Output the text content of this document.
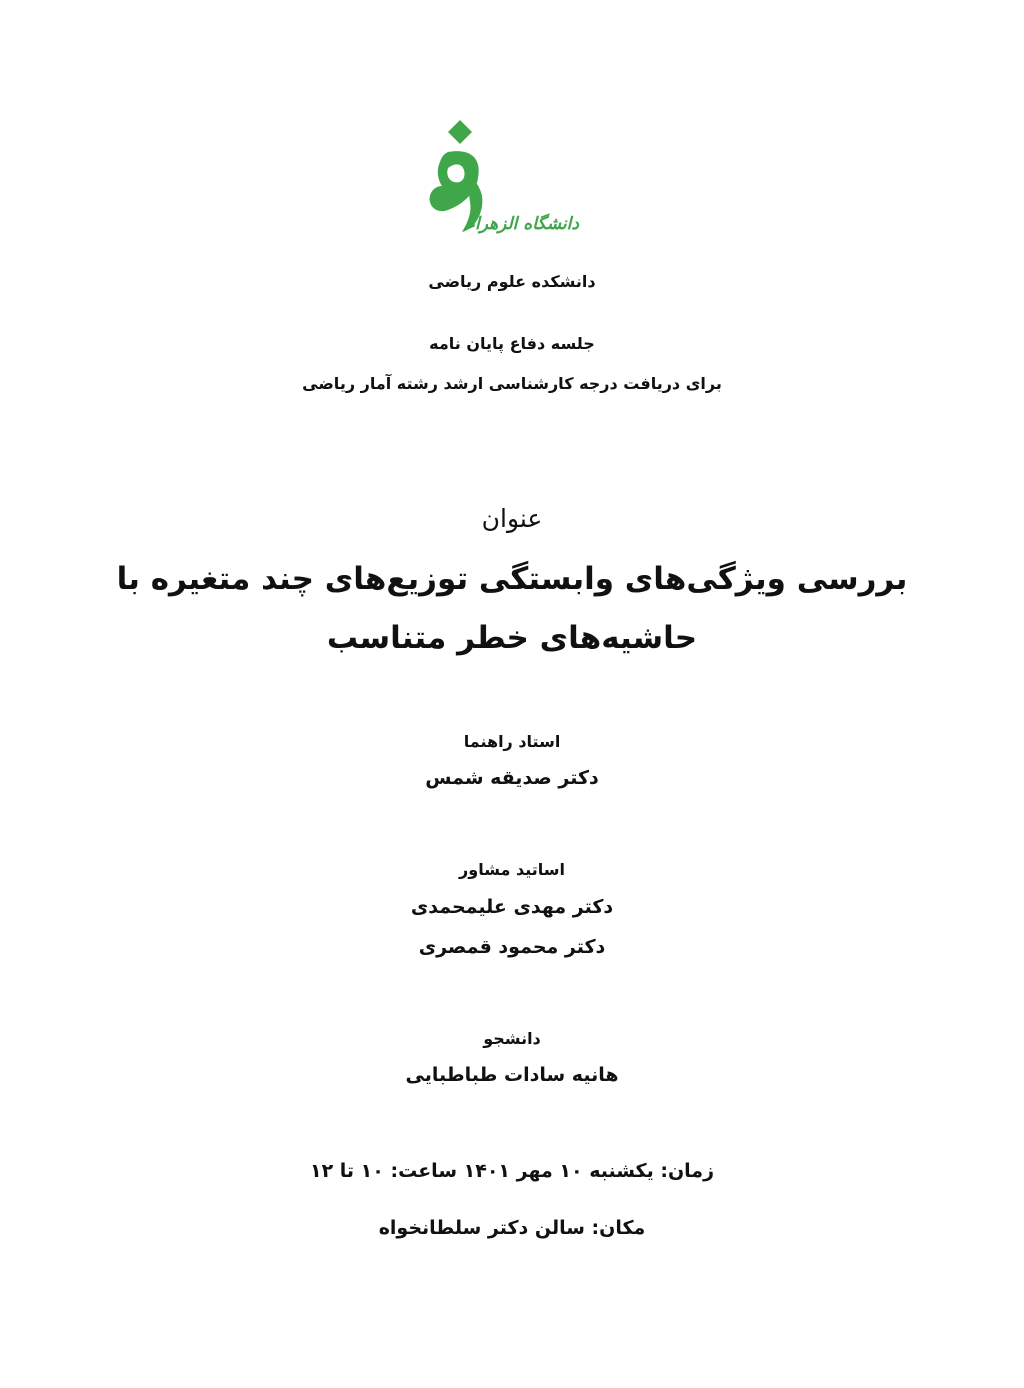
دانشگاه الزهراء
دانشکده علوم ریاضی
جلسه دفاع پایان نامه
برای دریافت درجه کارشناسی ارشد رشته آمار ریاضی
عنوان
بررسی ویژگی‌های وابستگی توزیع‌های چند متغیره با
حاشیه‌های خطر متناسب
استاد راهنما
دکتر صدیقه شمس
اساتید مشاور
دکتر مهدی علیمحمدی
دکتر محمود قمصری
دانشجو
هانیه سادات طباطبایی
زمان: یکشنبه ۱۰ مهر ۱۴۰۱ ساعت: ۱۰ تا ۱۲
مکان: سالن دکتر سلطانخواه
